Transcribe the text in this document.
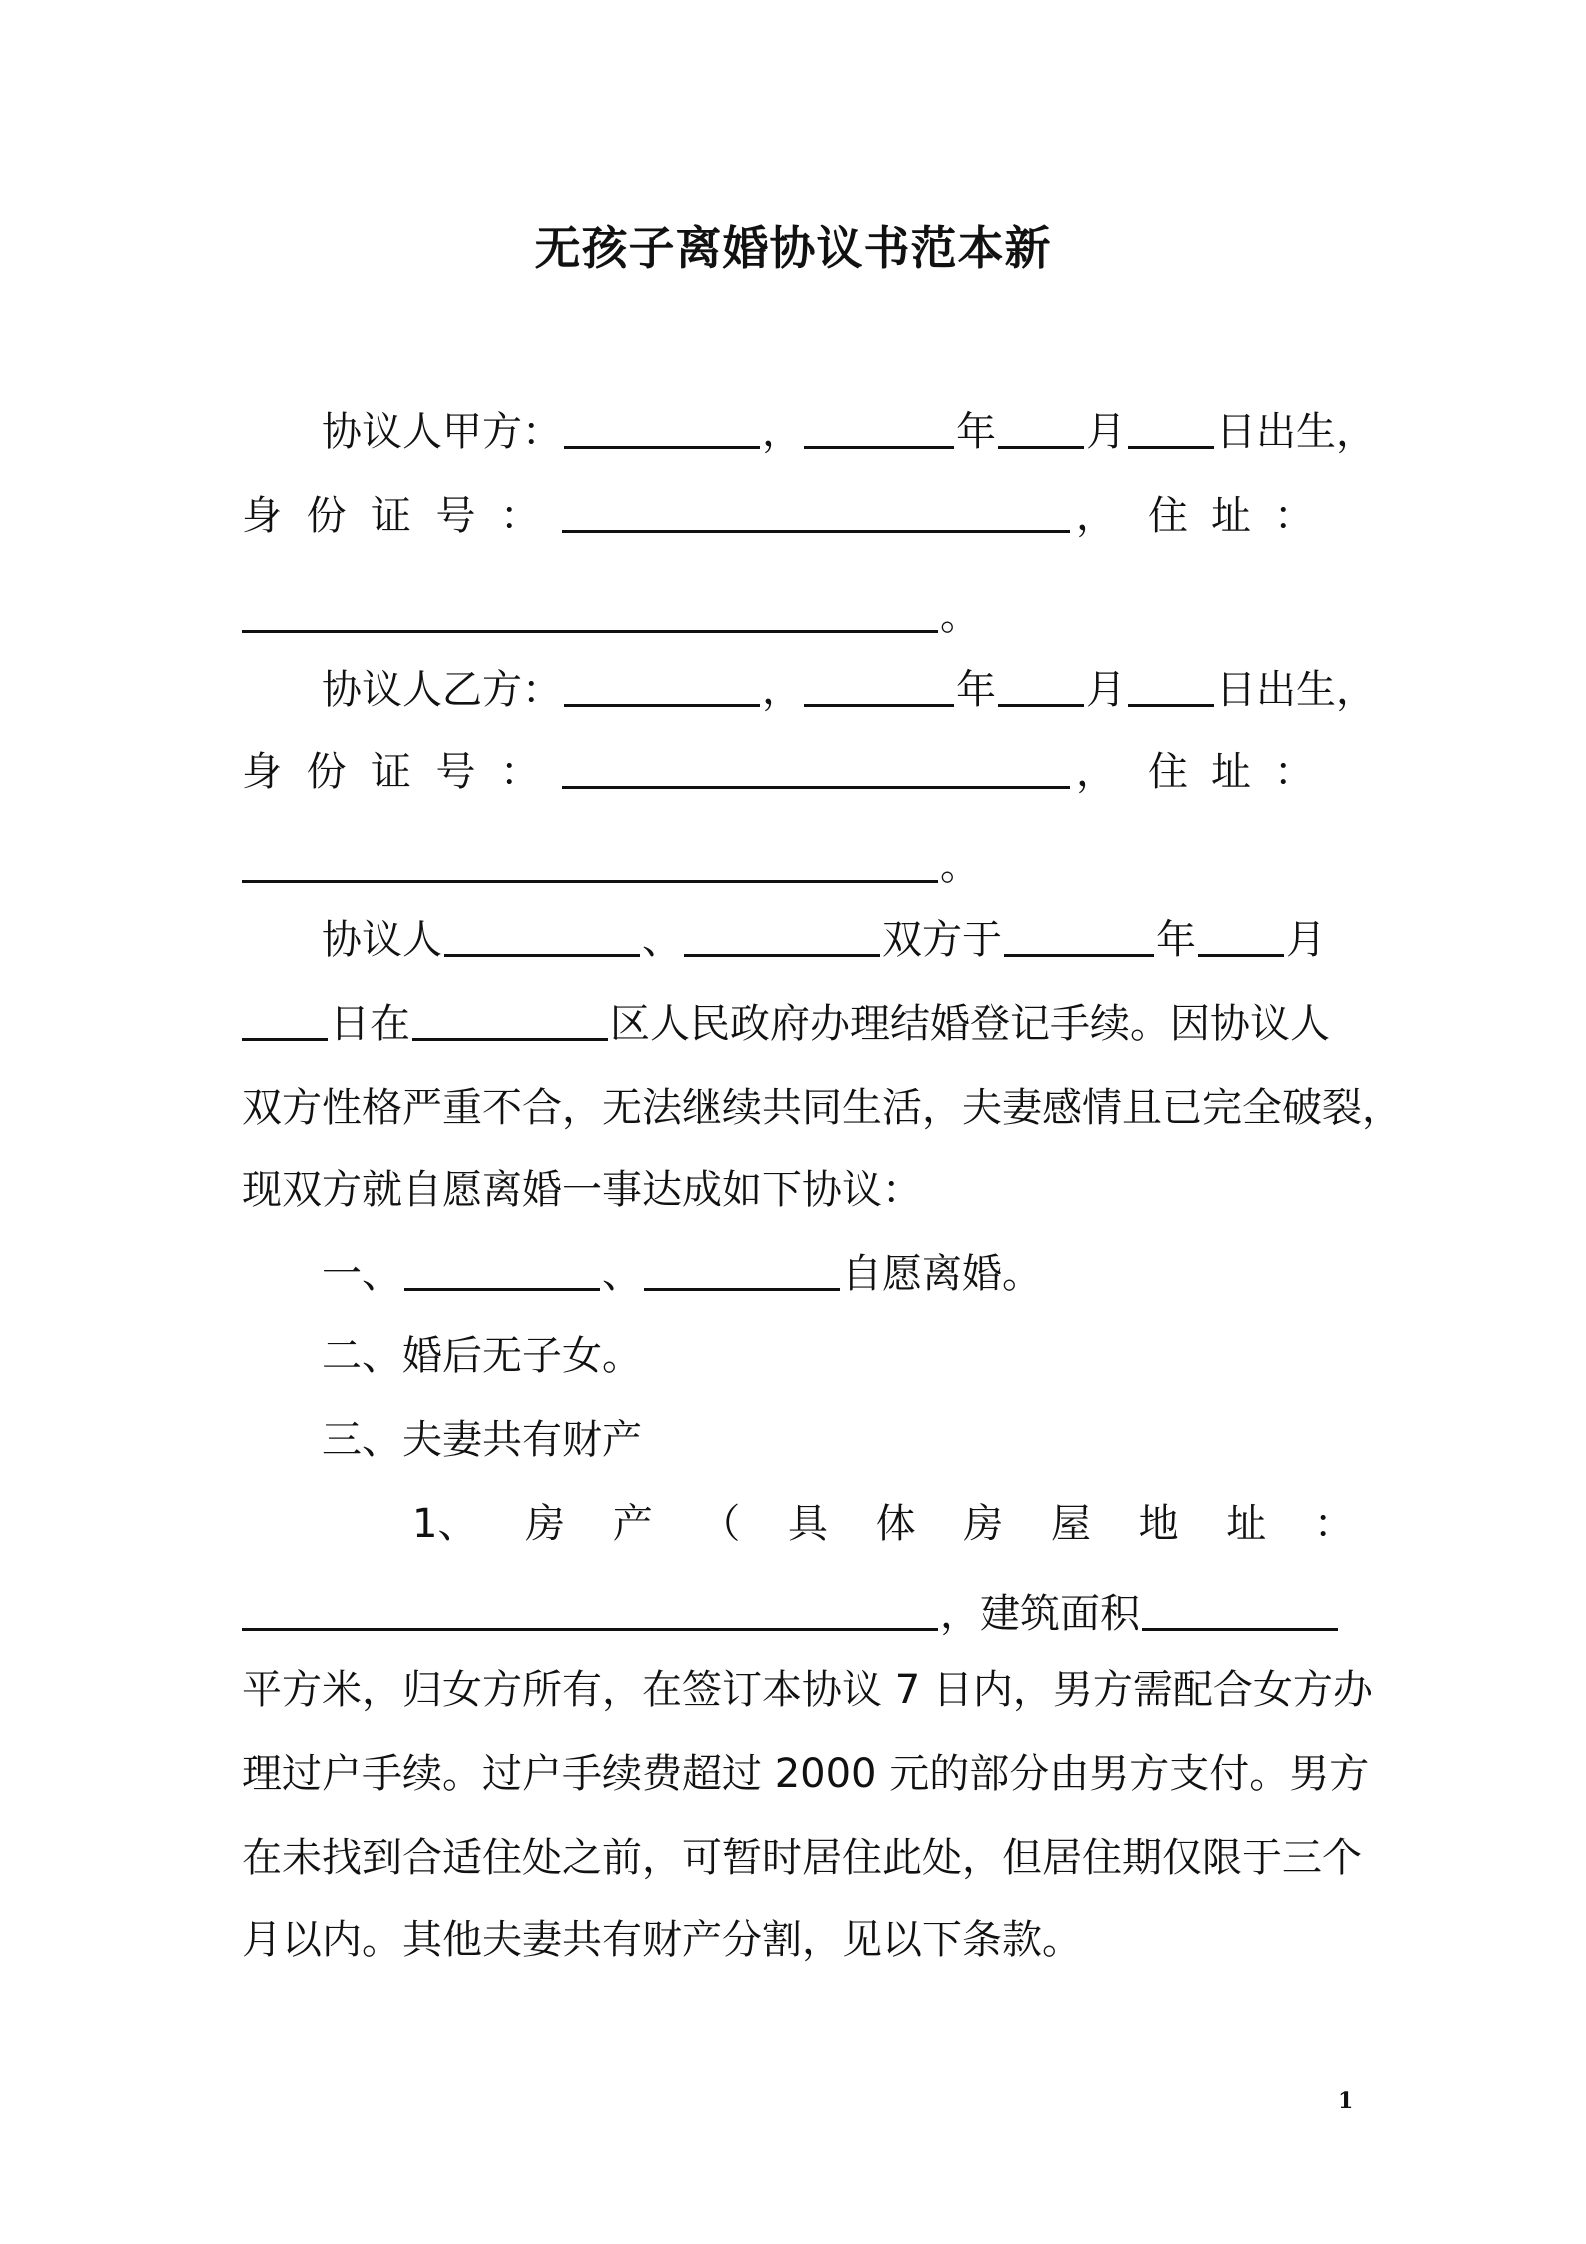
无孩子离婚协议书范本新
协议人甲方：	，	年 月 日出生，
身 份 证 号 ：	， 住 址 ：
。
协议人乙方：	，	年 月 日出生，
身 份 证 号 ：	， 住 址 ：
。
协议人	、	双方于	年 月
日在	区人民政府办理结婚登记手续。因协议人
双方性格严重不合，无法继续共同生活，夫妻感情且已完全破裂，
现双方就自愿离婚一事达成如下协议：
一、	、	自愿离婚。
二、婚后无子女。
三、夫妻共有财产
1、 房 产 （ 具 体 房 屋 地 址 ：
，建筑面积
平方米，归女方所有，在签订本协议 7 日内，男方需配合女方办
理过户手续。过户手续费超过 2000 元的部分由男方支付。男方
在未找到合适住处之前，可暂时居住此处，但居住期仅限于三个
月以内。其他夫妻共有财产分割，见以下条款。
1
